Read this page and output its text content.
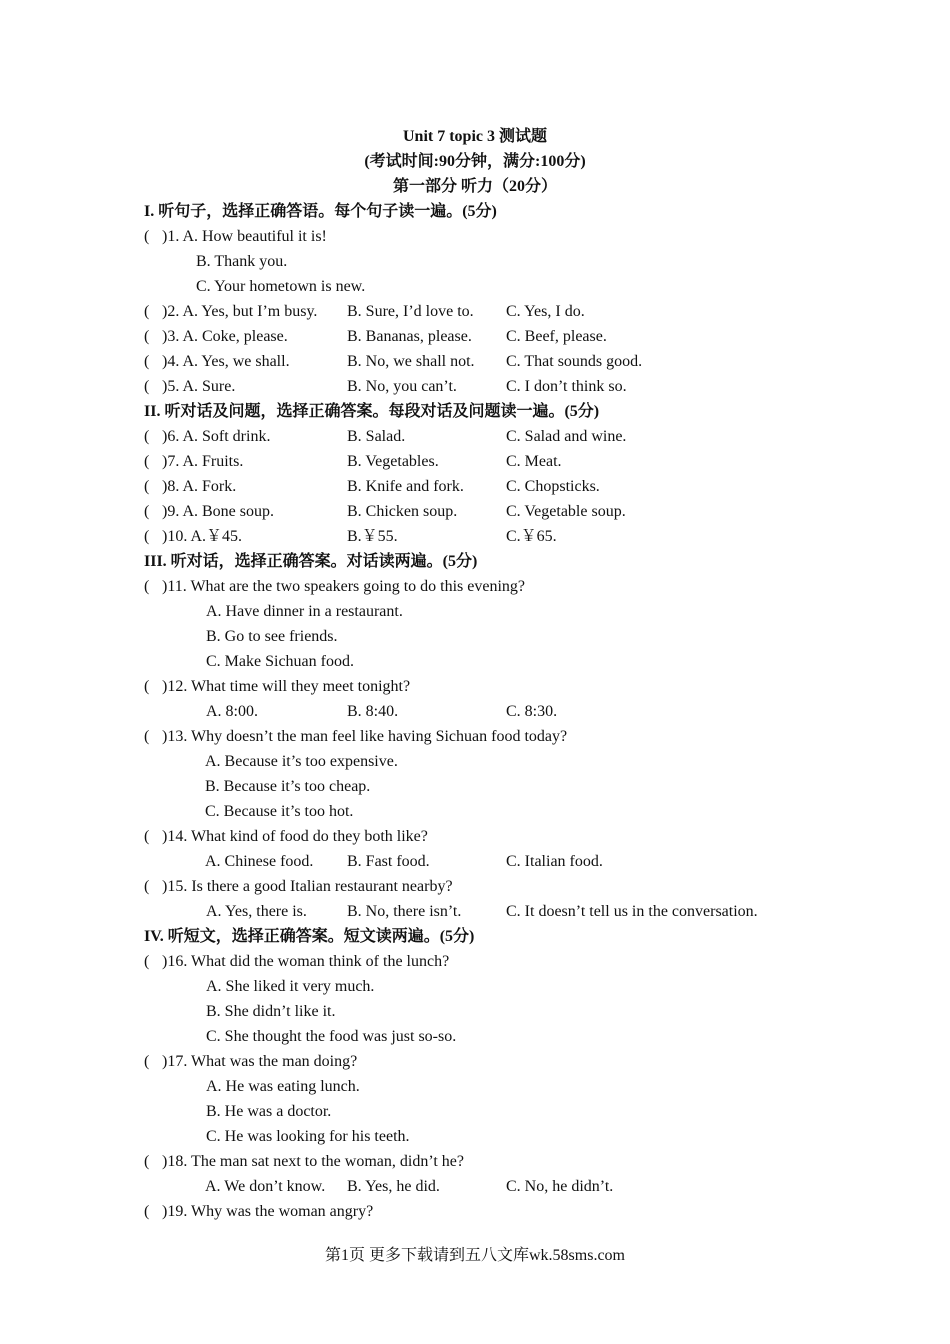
Unit 7 topic 3 测试题
(考试时间:90分钟，满分:100分)
第一部分 听力（20分）
I. 听句子，选择正确答语。每个句子读一遍。(5分)
( )1. A. How beautiful it is!
B. Thank you.
C. Your hometown is new.
( )2. A. Yes, but I’m busy. B. Sure, I’d love to. C. Yes, I do.
( )3. A. Coke, please.	B. Bananas, please. C. Beef, please.
( )4. A. Yes, we shall.	B. No, we shall not. C. That sounds good.
( )5. A. Sure.	B. No, you can’t.	C. I don’t think so.
II. 听对话及问题，选择正确答案。每段对话及问题读一遍。(5分)
( )6. A. Soft drink.	B. Salad.	C. Salad and wine.
( )7. A. Fruits.	B. Vegetables.	C. Meat.
( )8. A. Fork.	B. Knife and fork.	C. Chopsticks.
( )9. A. Bone soup.	B. Chicken soup.	C. Vegetable soup.
( )10. A.￥45.	B.￥55.	C.￥65.
III. 听对话，选择正确答案。对话读两遍。(5分)
( )11. What are the two speakers going to do this evening?
A. Have dinner in a restaurant.
B. Go to see friends.
C. Make Sichuan food.
( )12. What time will they meet tonight?
A. 8:00.	B. 8:40.	C. 8:30.
( )13. Why doesn’t the man feel like having Sichuan food today?
A. Because it’s too expensive.
B. Because it’s too cheap.
C. Because it’s too hot.
( )14. What kind of food do they both like?
A. Chinese food. B. Fast food.	C. Italian food.
( )15. Is there a good Italian restaurant nearby?
A. Yes, there is.	B. No, there isn’t.	C. It doesn’t tell us in the conversation.
IV. 听短文，选择正确答案。短文读两遍。(5分)
( )16. What did the woman think of the lunch?
A. She liked it very much.
B. She didn’t like it.
C. She thought the food was just so-so.
( )17. What was the man doing?
A. He was eating lunch.
B. He was a doctor.
C. He was looking for his teeth.
( )18. The man sat next to the woman, didn’t he?
A. We don’t know. B. Yes, he did.	C. No, he didn’t.
( )19. Why was the woman angry?
第1页 更多下载请到五八文库wk.58sms.com
